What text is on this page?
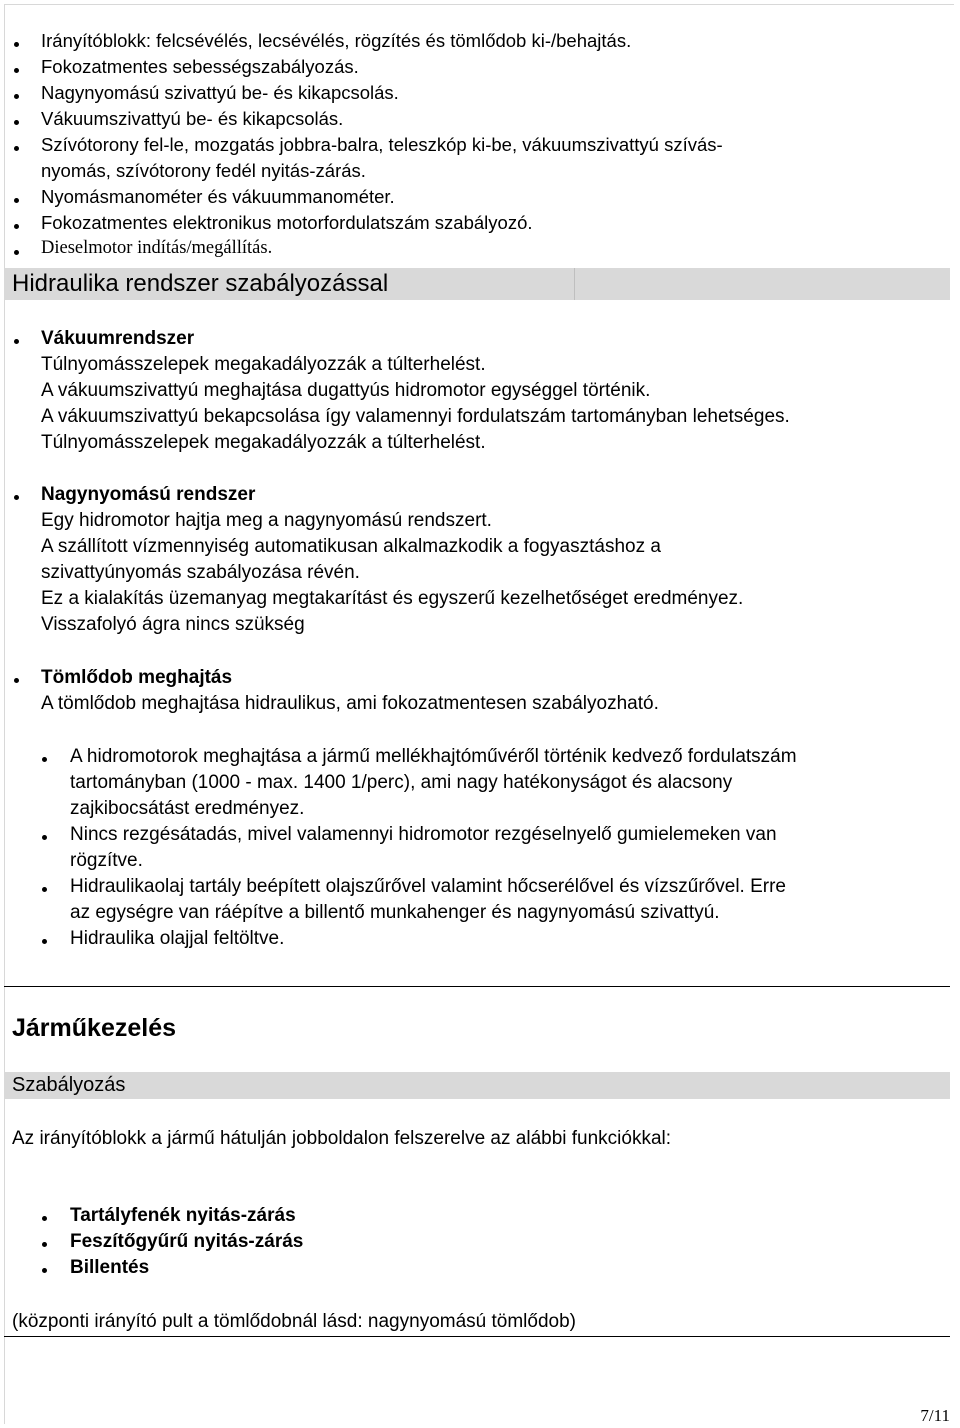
Irányítóblokk: felcsévélés, lecsévélés, rögzítés és tömlődob ki-/behajtás.
Fokozatmentes sebességszabályozás.
Nagynyomású szivattyú be- és kikapcsolás.
Vákuumszivattyú be- és kikapcsolás.
Szívótorony fel-le, mozgatás jobbra-balra, teleszkóp ki-be, vákuumszivattyú szívás-
nyomás, szívótorony fedél nyitás-zárás.
Nyomásmanométer és vákuummanométer.
Fokozatmentes elektronikus motorfordulatszám szabályozó.
Dieselmotor indítás/megállítás.
Hidraulika rendszer szabályozással
Vákuumrendszer
Túlnyomásszelepek megakadályozzák a túlterhelést.
A vákuumszivattyú meghajtása dugattyús hidromotor egységgel történik.
A vákuumszivattyú bekapcsolása így valamennyi fordulatszám tartományban lehetséges.
Túlnyomásszelepek megakadályozzák a túlterhelést.
Nagynyomású rendszer
Egy hidromotor hajtja meg a nagynyomású rendszert.
A szállított vízmennyiség automatikusan alkalmazkodik a fogyasztáshoz a
szivattyúnyomás szabályozása révén.
Ez a kialakítás üzemanyag megtakarítást és egyszerű kezelhetőséget eredményez.
Visszafolyó ágra nincs szükség
Tömlődob meghajtás
A tömlődob meghajtása hidraulikus, ami fokozatmentesen szabályozható.
A hidromotorok meghajtása a jármű mellékhajtóművéről történik kedvező fordulatszám
tartományban (1000 - max. 1400 1/perc), ami nagy hatékonyságot és alacsony
zajkibocsátást eredményez.
Nincs rezgésátadás, mivel valamennyi hidromotor rezgéselnyelő gumielemeken van
rögzítve.
Hidraulikaolaj tartály beépített olajszűrővel valamint hőcserélővel és vízszűrővel. Erre
az egységre van ráépítve a billentő munkahenger és nagynyomású szivattyú.
Hidraulika olajjal feltöltve.
Járműkezelés
Szabályozás
Az irányítóblokk a jármű hátulján jobboldalon felszerelve az alábbi funkciókkal:
Tartályfenék nyitás-zárás
Feszítőgyűrű nyitás-zárás
Billentés
(központi irányító pult a tömlődobnál lásd: nagynyomású tömlődob)
7/11
